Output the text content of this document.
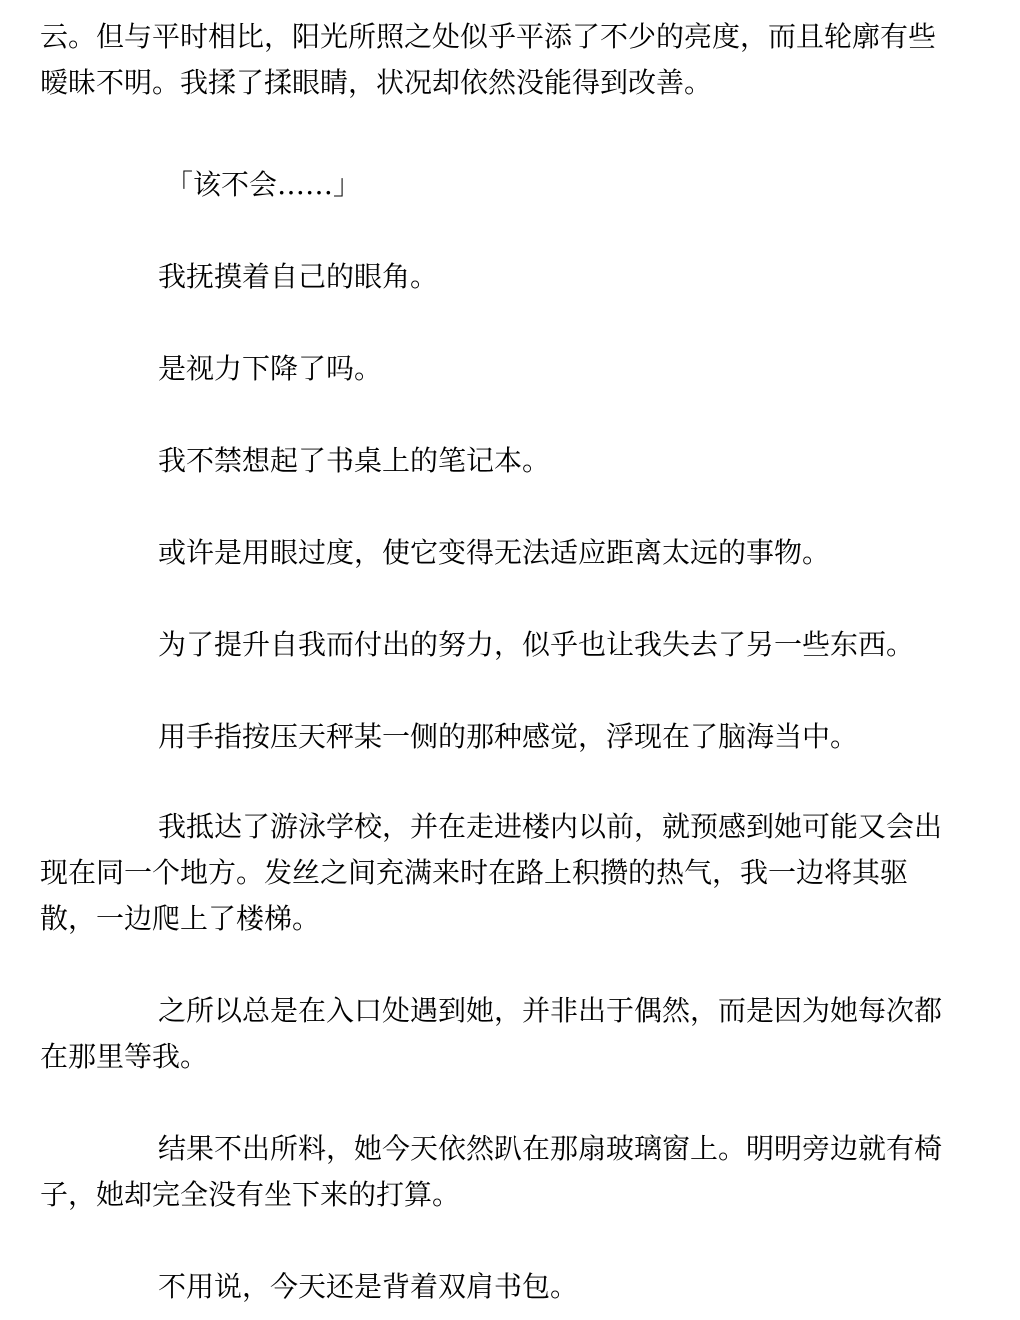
云。但与平时相比，阳光所照之处似乎平添了不少的亮度，而且轮廓有些
暧昧不明。我揉了揉眼睛，状况却依然没能得到改善。

「该不会……」

我抚摸着自己的眼角。

是视力下降了吗。

我不禁想起了书桌上的笔记本。

或许是用眼过度，使它变得无法适应距离太远的事物。

为了提升自我而付出的努力，似乎也让我失去了另一些东西。

用手指按压天秤某一侧的那种感觉，浮现在了脑海当中。

我抵达了游泳学校，并在走进楼内以前，就预感到她可能又会出
现在同一个地方。发丝之间充满来时在路上积攒的热气，我一边将其驱
散，一边爬上了楼梯。

之所以总是在入口处遇到她，并非出于偶然，而是因为她每次都
在那里等我。

结果不出所料，她今天依然趴在那扇玻璃窗上。明明旁边就有椅
子，她却完全没有坐下来的打算。

不用说，今天还是背着双肩书包。
